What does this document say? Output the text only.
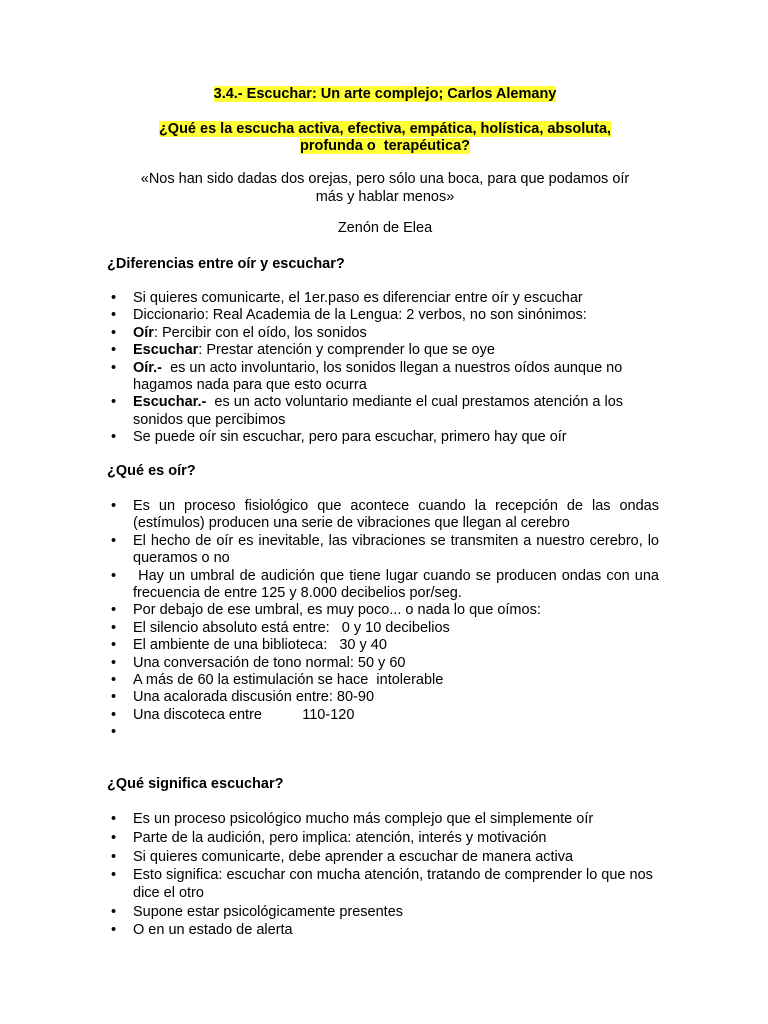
3.4.- Escuchar: Un arte complejo; Carlos Alemany
¿Qué es la escucha activa, efectiva, empática, holística, absoluta,
profunda o  terapéutica?
«Nos han sido dadas dos orejas, pero sólo una boca, para que podamos oír
más y hablar menos»
Zenón de Elea
¿Diferencias entre oír y escuchar?
• Si quieres comunicarte, el 1er.paso es diferenciar entre oír y escuchar
• Diccionario: Real Academia de la Lengua: 2 verbos, no son sinónimos:
• Oír: Percibir con el oído, los sonidos
• Escuchar: Prestar atención y comprender lo que se oye
• Oír.-  es un acto involuntario, los sonidos llegan a nuestros oídos aunque no hagamos nada para que esto ocurra
• Escuchar.-  es un acto voluntario mediante el cual prestamos atención a los sonidos que percibimos
• Se puede oír sin escuchar, pero para escuchar, primero hay que oír
¿Qué es oír?
• Es un proceso fisiológico que acontece cuando la recepción de las ondas (estímulos) producen una serie de vibraciones que llegan al cerebro
• El hecho de oír es inevitable, las vibraciones se transmiten a nuestro cerebro, lo queramos o no
• Hay un umbral de audición que tiene lugar cuando se producen ondas con una frecuencia de entre 125 y 8.000 decibelios por/seg.
• Por debajo de ese umbral, es muy poco... o nada lo que oímos:
• El silencio absoluto está entre:   0 y 10 decibelios
• El ambiente de una biblioteca:   30 y 40
• Una conversación de tono normal: 50 y 60
• A más de 60 la estimulación se hace  intolerable
• Una acalorada discusión entre: 80-90
• Una discoteca entre          110-120
•
¿Qué significa escuchar?
• Es un proceso psicológico mucho más complejo que el simplemente oír
• Parte de la audición, pero implica: atención, interés y motivación
• Si quieres comunicarte, debe aprender a escuchar de manera activa
• Esto significa: escuchar con mucha atención, tratando de comprender lo que nos dice el otro
• Supone estar psicológicamente presentes
• O en un estado de alerta
